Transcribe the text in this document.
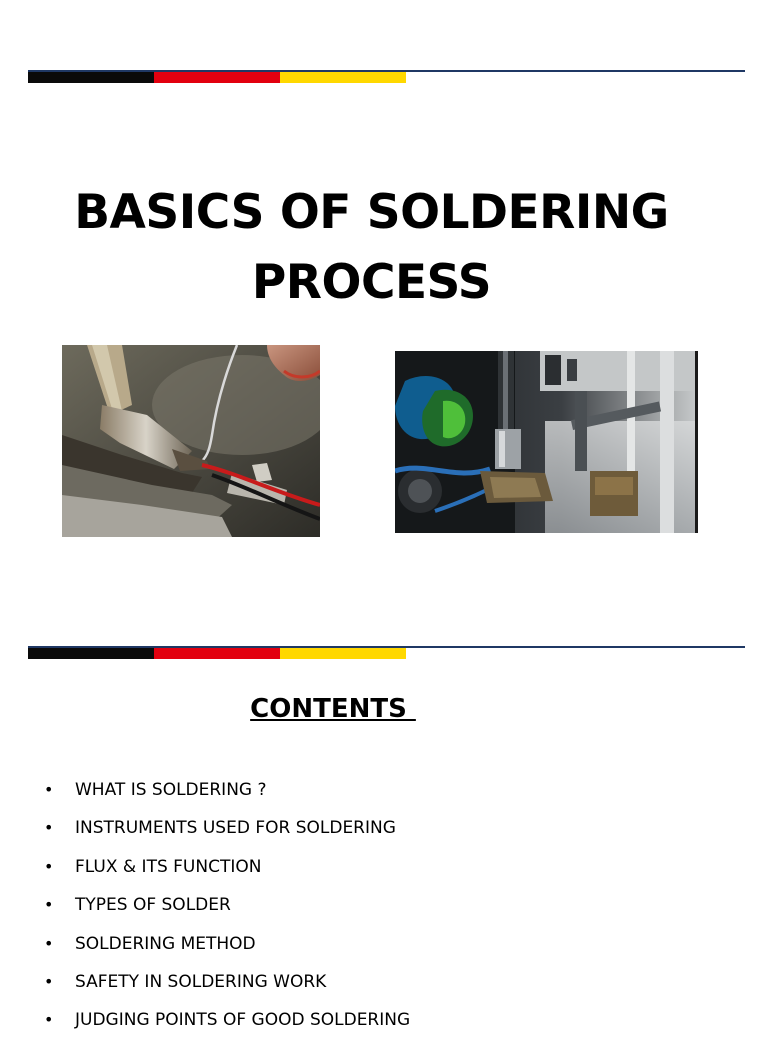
BASICS OF SOLDERING
PROCESS
CONTENTS
•	WHAT IS SOLDERING ?
•	INSTRUMENTS USED FOR SOLDERING
•	FLUX & ITS FUNCTION
•	TYPES OF SOLDER
•	SOLDERING METHOD
•	SAFETY IN SOLDERING WORK
•	JUDGING POINTS OF GOOD SOLDERING
